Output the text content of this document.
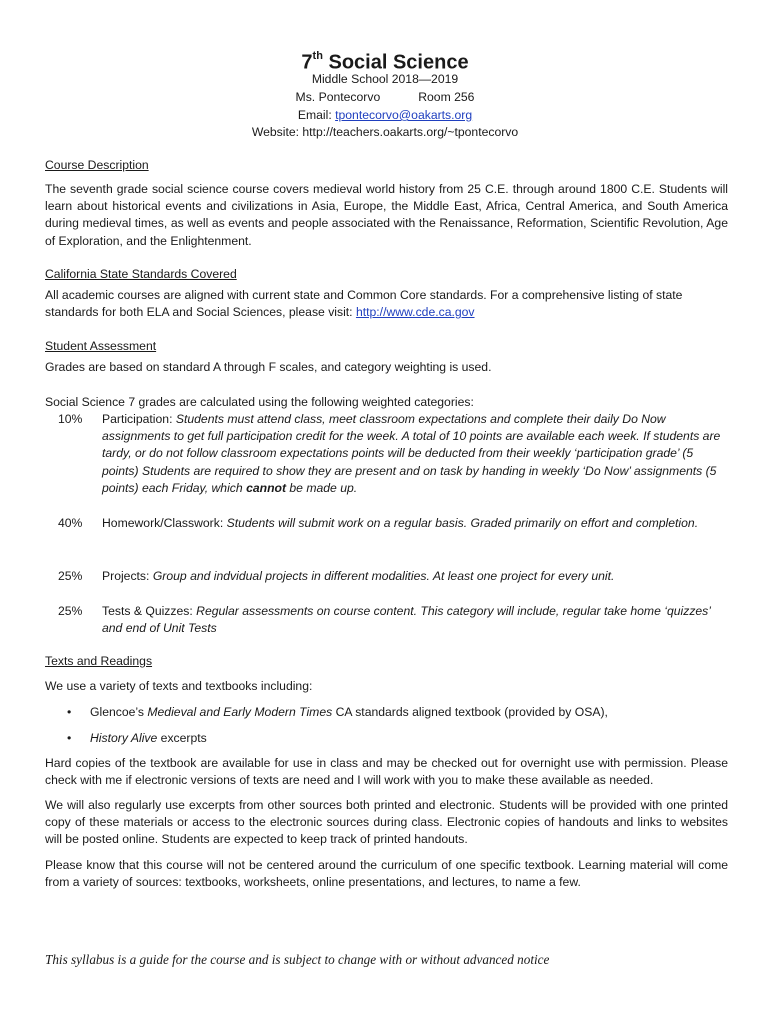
7th Social Science
Middle School 2018—2019
Ms. Pontecorvo	Room 256
Email: tpontecorvo@oakarts.org
Website: http://teachers.oakarts.org/~tpontecorvo
Course Description
The seventh grade social science course covers medieval world history from 25 C.E. through around 1800 C.E. Students will learn about historical events and civilizations in Asia, Europe, the Middle East, Africa, Central America, and South America during medieval times, as well as events and people associated with the Renaissance, Reformation, Scientific Revolution, Age of Exploration, and the Enlightenment.
California State Standards Covered
All academic courses are aligned with current state and Common Core standards. For a comprehensive listing of state standards for both ELA and Social Sciences, please visit: http://www.cde.ca.gov
Student Assessment
Grades are based on standard A through F scales, and category weighting is used.
Social Science 7 grades are calculated using the following weighted categories:
10% Participation: Students must attend class, meet classroom expectations and complete their daily Do Now assignments to get full participation credit for the week. A total of 10 points are available each week. If students are tardy, or do not follow classroom expectations points will be deducted from their weekly ‘participation grade’ (5 points) Students are required to show they are present and on task by handing in weekly ‘Do Now’ assignments (5 points) each Friday, which cannot be made up.
40% Homework/Classwork: Students will submit work on a regular basis. Graded primarily on effort and completion.
25% Projects: Group and indvidual projects in different modalities. At least one project for every unit.
25% Tests & Quizzes: Regular assessments on course content. This category will include, regular take home ‘quizzes’ and end of Unit Tests
Texts and Readings
We use a variety of texts and textbooks including:
• Glencoe’s Medieval and Early Modern Times CA standards aligned textbook (provided by OSA),
• History Alive excerpts
Hard copies of the textbook are available for use in class and may be checked out for overnight use with permission. Please check with me if electronic versions of texts are need and I will work with you to make these available as needed.
We will also regularly use excerpts from other sources both printed and electronic. Students will be provided with one printed copy of these materials or access to the electronic sources during class. Electronic copies of handouts and links to websites will be posted online. Students are expected to keep track of printed handouts.
Please know that this course will not be centered around the curriculum of one specific textbook. Learning material will come from a variety of sources: textbooks, worksheets, online presentations, and lectures, to name a few.
This syllabus is a guide for the course and is subject to change with or without advanced notice
